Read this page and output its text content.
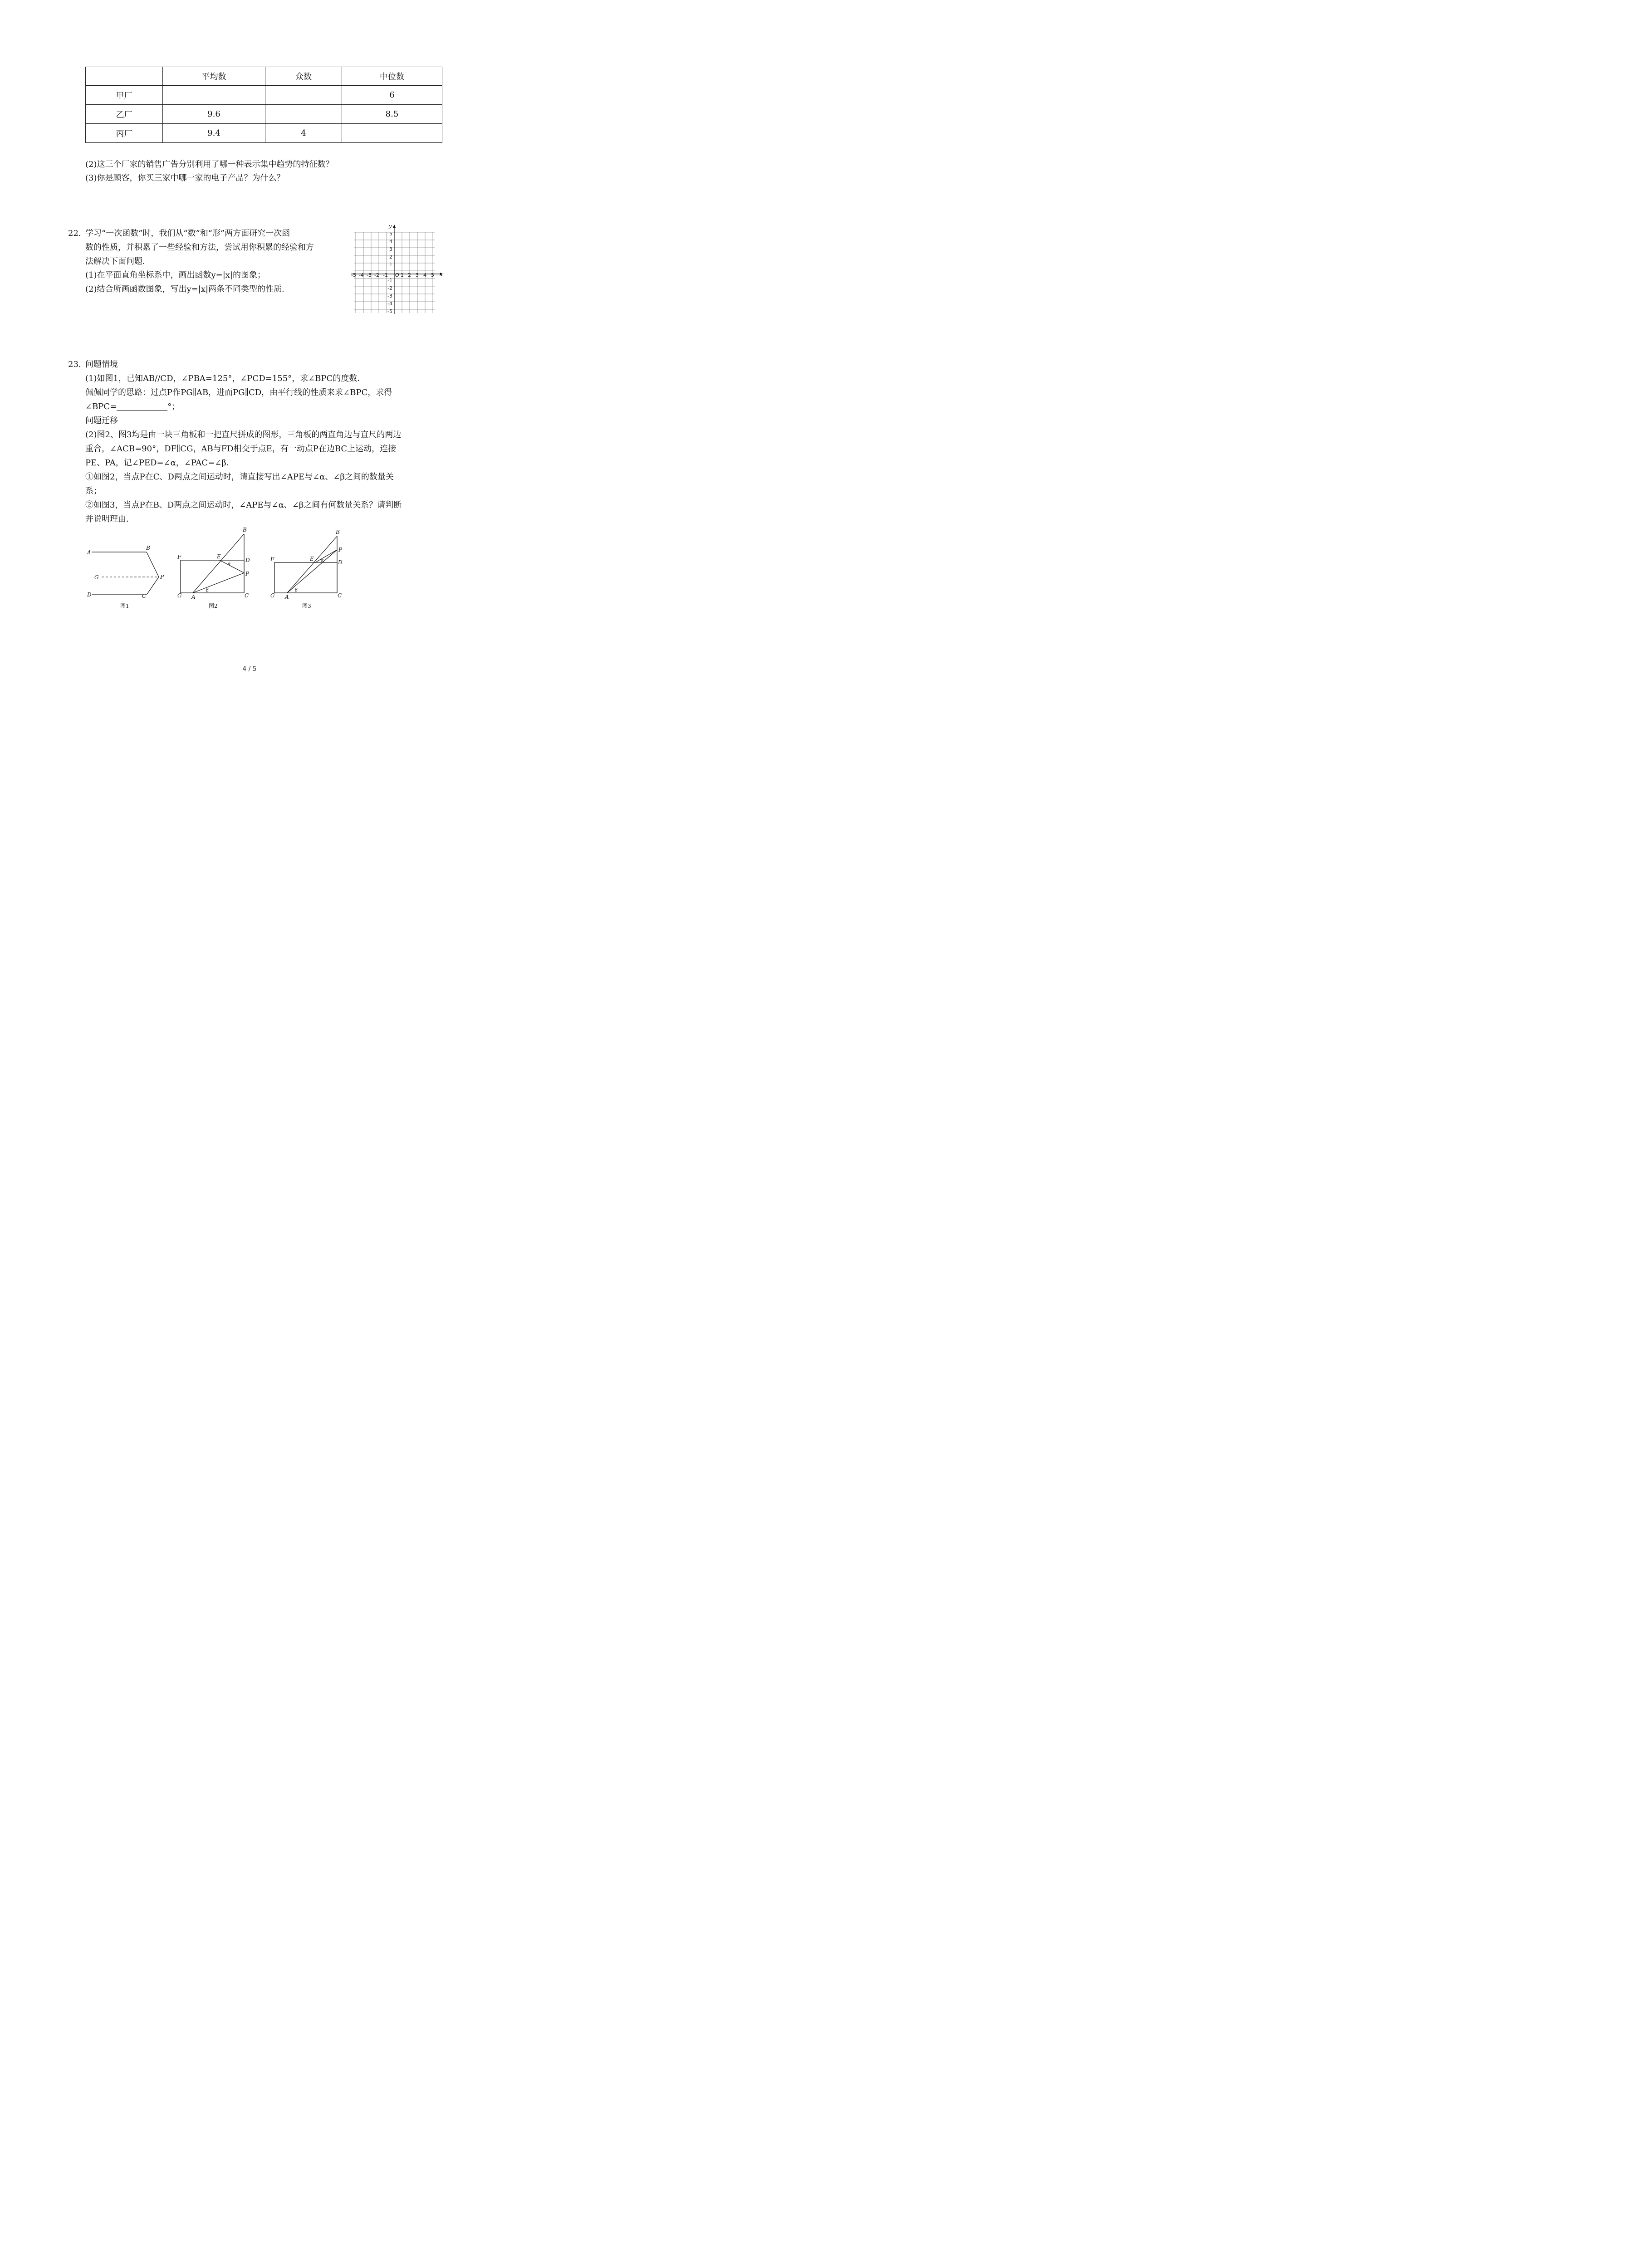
	平均数	众数	中位数
甲厂			6
乙厂	9.6		8.5
丙厂	9.4	4	
(2)这三个厂家的销售广告分别利用了哪一种表示集中趋势的特征数？
(3)你是顾客，你买三家中哪一家的电子产品？为什么？
22. 学习“一次函数”时，我们从“数”和“形”两方面研究一次函
数的性质，并积累了一些经验和方法，尝试用你积累的经验和方
法解决下面问题．
(1)在平面直角坐标系中，画出函数y=|x|的图象；
(2)结合所画函数图象，写出y=|x|两条不同类型的性质．
x
y
O
-5 -4 -3 -2 -1	1 2 3 4 5
5
4
3
2
1
-1
-2
-3
-4
-5
23. 问题情境
(1)如图1，已知AB//CD，∠PBA=125°，∠PCD=155°，求∠BPC的度数．
佩佩同学的思路：过点P作PG∥AB，进而PG∥CD，由平行线的性质来求∠BPC，求得
∠BPC=	°；
问题迁移
(2)图2、图3均是由一块三角板和一把直尺拼成的图形，三角板的两直角边与直尺的两边
重合，∠ACB=90°，DF∥CG，AB与FD相交于点E，有一动点P在边BC上运动，连接
PE、PA，记∠PED=∠α，∠PAC=∠β．
①如图2，当点P在C、D两点之间运动时，请直接写出∠APE与∠α、∠β之间的数量关
系；
②如图3，当点P在B、D两点之间运动时，∠APE与∠α、∠β之间有何数量关系？请判断
并说明理由．
A
B
G	P
D	C
图1
B
E
α
D
F
P
G A
β
C
图2
B
P
E α	D
F
G A
β
C
图3
4 / 5
